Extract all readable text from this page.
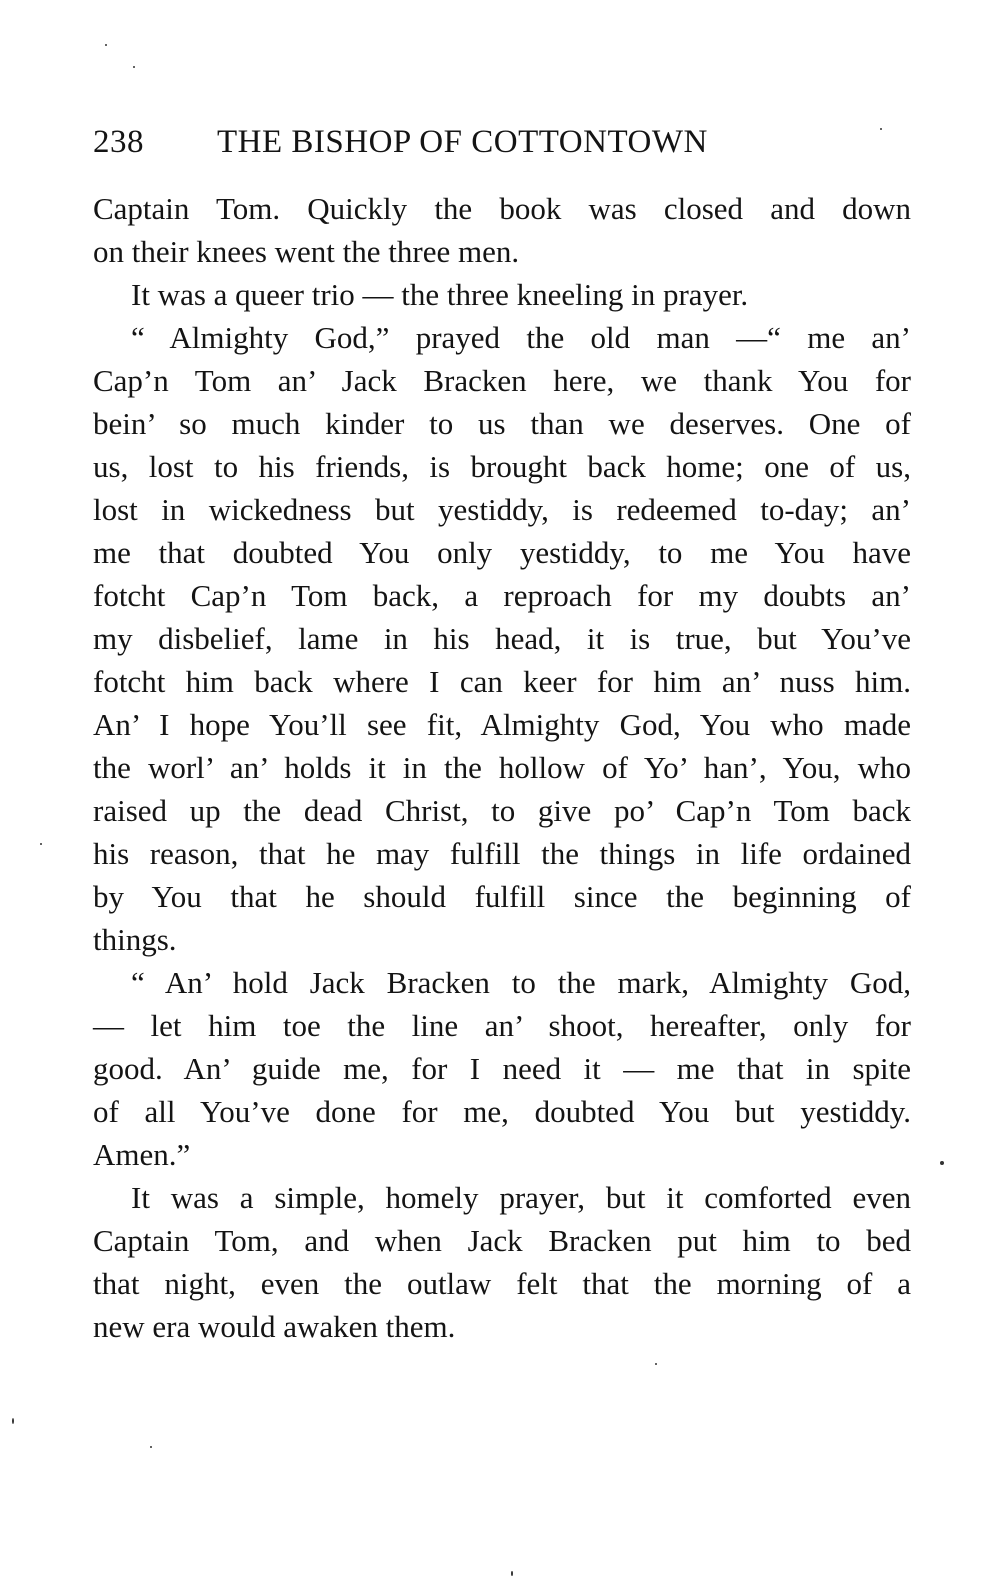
238 THE BISHOP OF COTTONTOWN
Captain Tom. Quickly the book was closed and down
on their knees went the three men.
It was a queer trio — the three kneeling in prayer.
“ Almighty God,” prayed the old man —“ me an’
Cap’n Tom an’ Jack Bracken here, we thank You for
bein’ so much kinder to us than we deserves. One of
us, lost to his friends, is brought back home; one of us,
lost in wickedness but yestiddy, is redeemed to-day; an’
me that doubted You only yestiddy, to me You have
fotcht Cap’n Tom back, a reproach for my doubts an’
my disbelief, lame in his head, it is true, but You’ve
fotcht him back where I can keer for him an’ nuss him.
An’ I hope You’ll see fit, Almighty God, You who made
the worl’ an’ holds it in the hollow of Yo’ han’, You, who
raised up the dead Christ, to give po’ Cap’n Tom back
his reason, that he may fulfill the things in life ordained
by You that he should fulfill since the beginning of
things.
“ An’ hold Jack Bracken to the mark, Almighty God,
— let him toe the line an’ shoot, hereafter, only for
good. An’ guide me, for I need it — me that in spite
of all You’ve done for me, doubted You but yestiddy.
Amen.”
It was a simple, homely prayer, but it comforted even
Captain Tom, and when Jack Bracken put him to bed
that night, even the outlaw felt that the morning of a
new era would awaken them.
